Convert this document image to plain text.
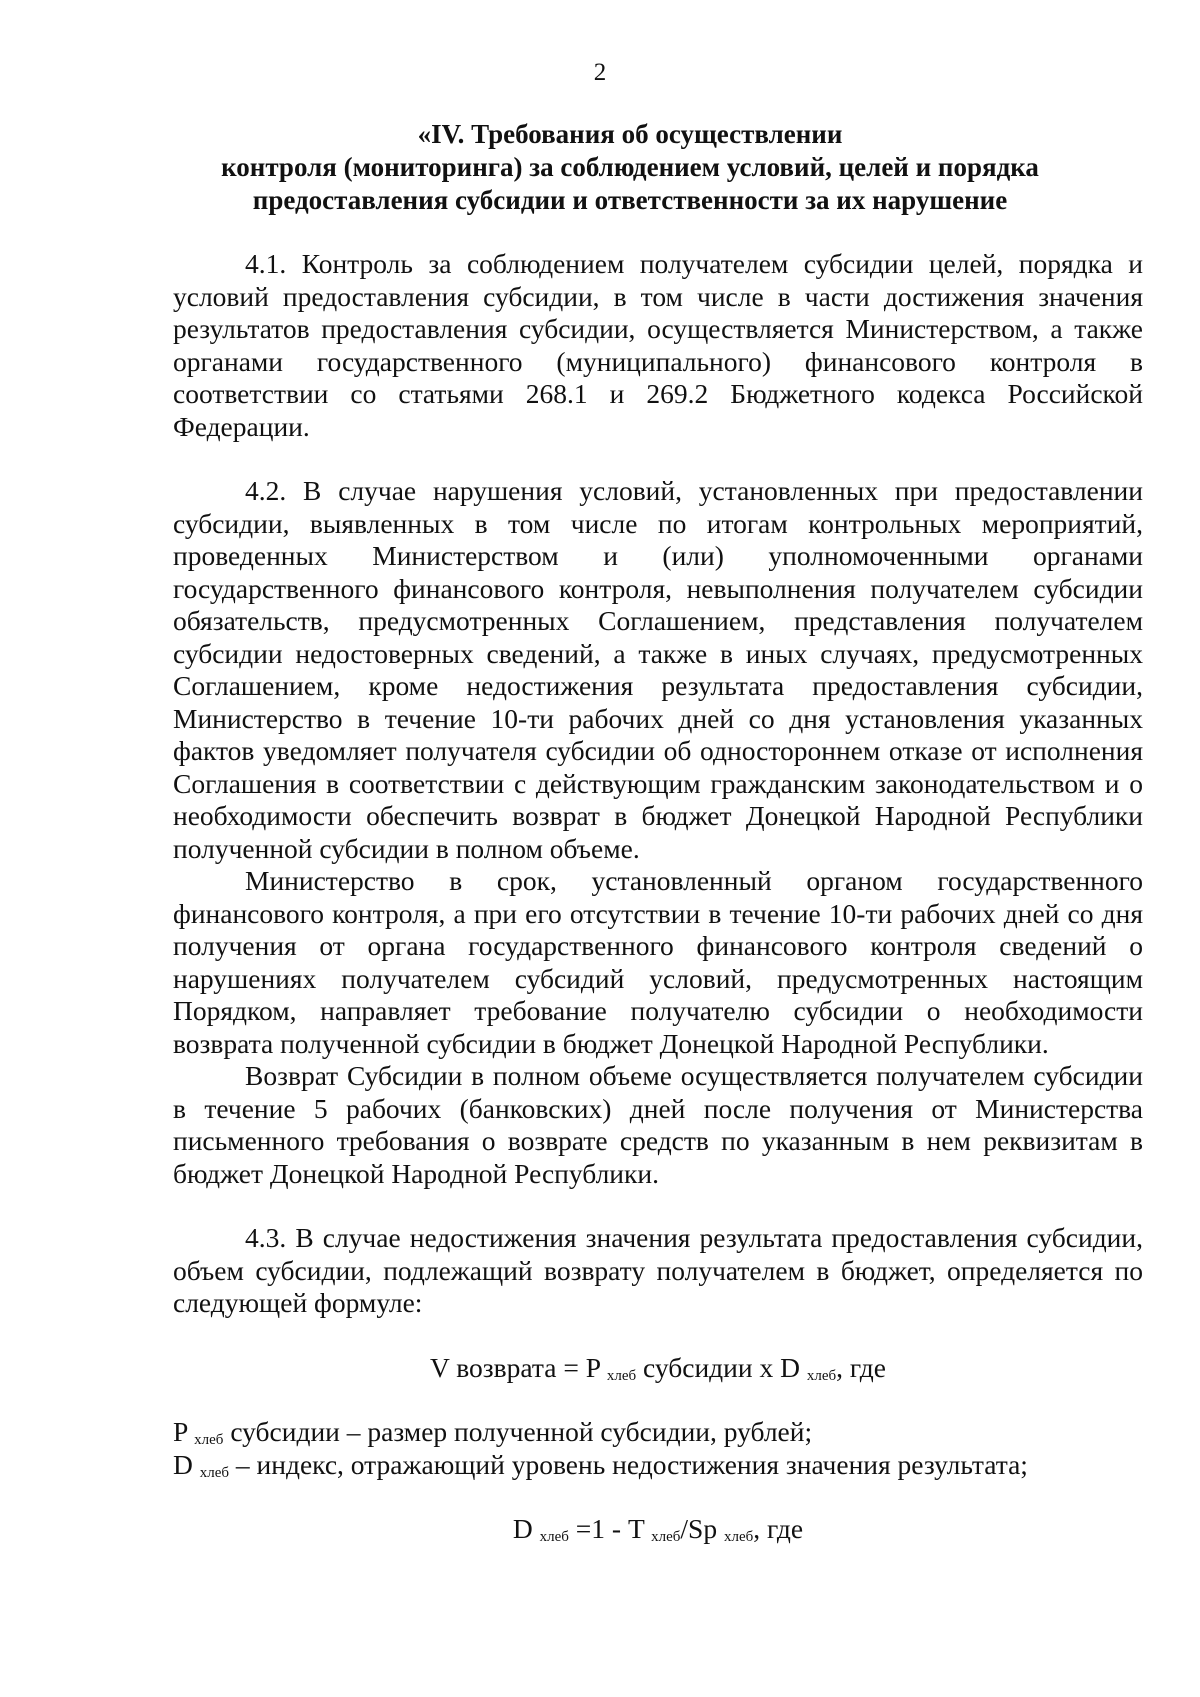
2
«IV. Требования об осуществлении
контроля (мониторинга) за соблюдением условий, целей и порядка
предоставления субсидии и ответственности за их нарушение

4.1. Контроль за соблюдением получателем субсидии целей, порядка и условий предоставления субсидии, в том числе в части достижения значения результатов предоставления субсидии, осуществляется Министерством, а также органами государственного (муниципального) финансового контроля в соответствии со статьями 268.1 и 269.2 Бюджетного кодекса Российской Федерации.

4.2. В случае нарушения условий, установленных при предоставлении субсидии, выявленных в том числе по итогам контрольных мероприятий, проведенных Министерством и (или) уполномоченными органами государственного финансового контроля, невыполнения получателем субсидии обязательств, предусмотренных Соглашением, представления получателем субсидии недостоверных сведений, а также в иных случаях, предусмотренных Соглашением, кроме недостижения результата предоставления субсидии, Министерство в течение 10-ти рабочих дней со дня установления указанных фактов уведомляет получателя субсидии об одностороннем отказе от исполнения Соглашения в соответствии с действующим гражданским законодательством и о необходимости обеспечить возврат в бюджет Донецкой Народной Республики полученной субсидии в полном объеме.

Министерство в срок, установленный органом государственного финансового контроля, а при его отсутствии в течение 10-ти рабочих дней со дня получения от органа государственного финансового контроля сведений о нарушениях получателем субсидий условий, предусмотренных настоящим Порядком, направляет требование получателю субсидии о необходимости возврата полученной субсидии в бюджет Донецкой Народной Республики.

Возврат Субсидии в полном объеме осуществляется получателем субсидии в течение 5 рабочих (банковских) дней после получения от Министерства письменного требования о возврате средств по указанным в нем реквизитам в бюджет Донецкой Народной Республики.

4.3. В случае недостижения значения результата предоставления субсидии, объем субсидии, подлежащий возврату получателем в бюджет, определяется по следующей формуле:

V возврата = P $_{хлеб}$ субсидии x D $_{хлеб}$, где

P $_{хлеб}$ субсидии – размер полученной субсидии, рублей;

D $_{хлеб}$ – индекс, отражающий уровень недостижения значения результата;

D $_{хлеб}$ =1 - T $_{хлеб}$/Sp $_{хлеб}$, где
